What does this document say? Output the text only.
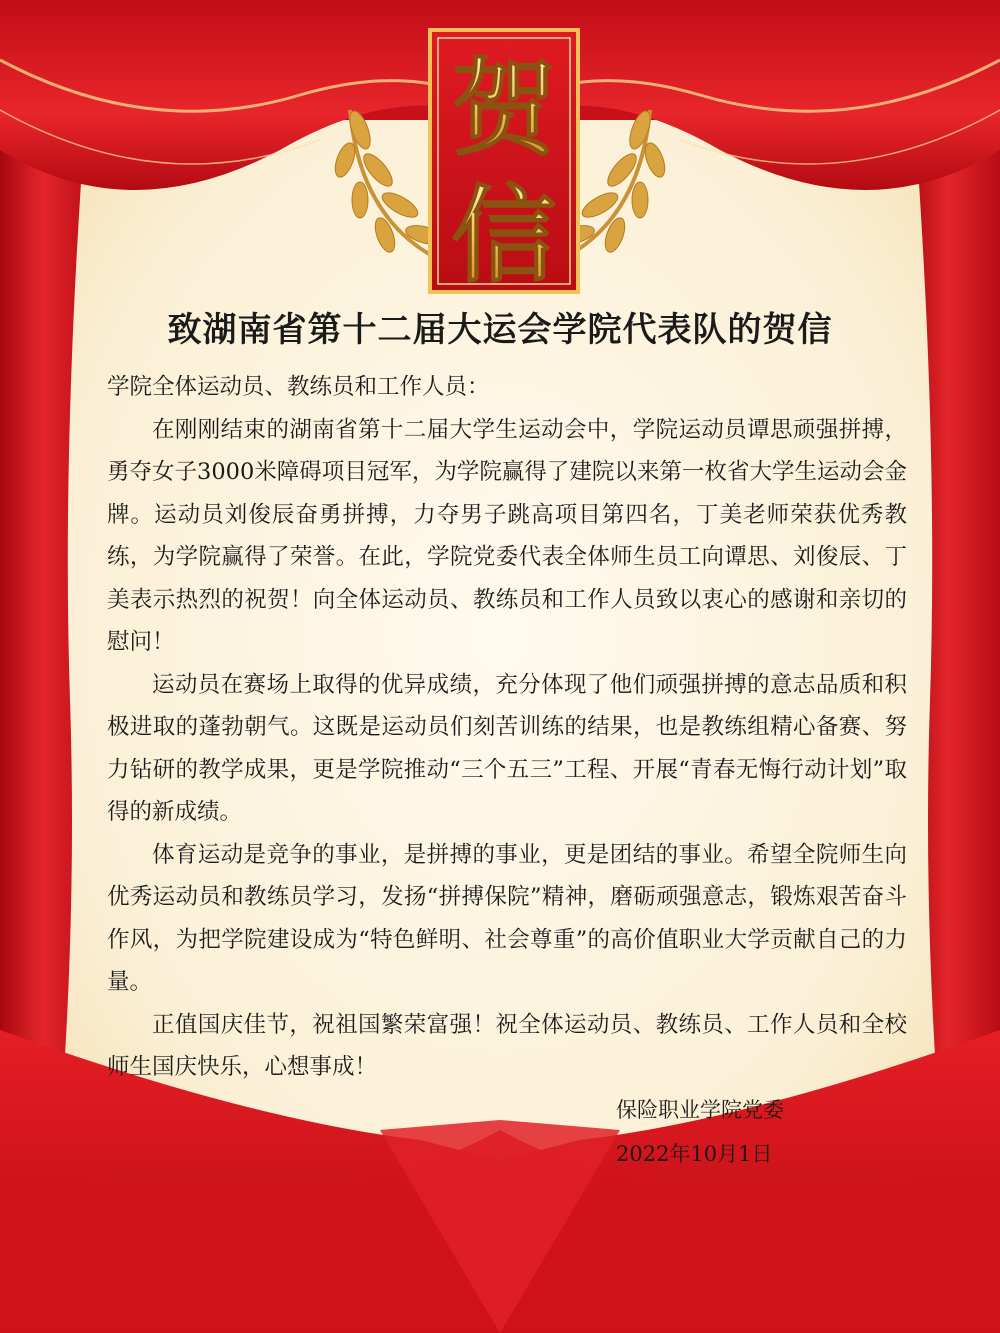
贺
信
致湖南省第十二届大运会学院代表队的贺信

学院全体运动员、教练员和工作人员：

在刚刚结束的湖南省第十二届大学生运动会中，学院运动员谭思顽强拼搏，勇夺女子3000米障碍项目冠军，为学院赢得了建院以来第一枚省大学生运动会金牌。运动员刘俊辰奋勇拼搏，力夺男子跳高项目第四名，丁美老师荣获优秀教练，为学院赢得了荣誉。在此，学院党委代表全体师生员工向谭思、刘俊辰、丁美表示热烈的祝贺！向全体运动员、教练员和工作人员致以衷心的感谢和亲切的慰问！

运动员在赛场上取得的优异成绩，充分体现了他们顽强拼搏的意志品质和积极进取的蓬勃朝气。这既是运动员们刻苦训练的结果，也是教练组精心备赛、努力钻研的教学成果，更是学院推动“三个五三”工程、开展“青春无悔行动计划”取得的新成绩。

体育运动是竞争的事业，是拼搏的事业，更是团结的事业。希望全院师生向优秀运动员和教练员学习，发扬“拼搏保院”精神，磨砺顽强意志，锻炼艰苦奋斗作风，为把学院建设成为“特色鲜明、社会尊重”的高价值职业大学贡献自己的力量。

正值国庆佳节，祝祖国繁荣富强！祝全体运动员、教练员、工作人员和全校师生国庆快乐，心想事成！

保险职业学院党委
2022年10月1日
